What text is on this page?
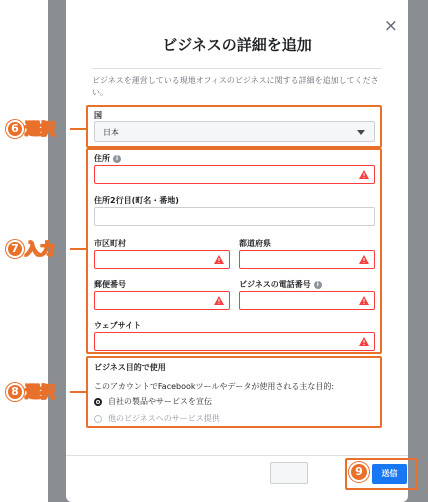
×
ビジネスの詳細を追加
ビジネスを運営している現地オフィスのビジネスに関する詳細を追加してください。
国
日本
住所 i
住所2行目(町名・番地)
市区町村	都道府県
郵便番号	ビジネスの電話番号 i
ウェブサイト
ビジネス目的で使用
このアカウントでFacebookツールやデータが使用される主な目的:
自社の製品やサービスを宣伝
他のビジネスへのサービス提供
送信
6 選択
7 入力
8 選択
9
